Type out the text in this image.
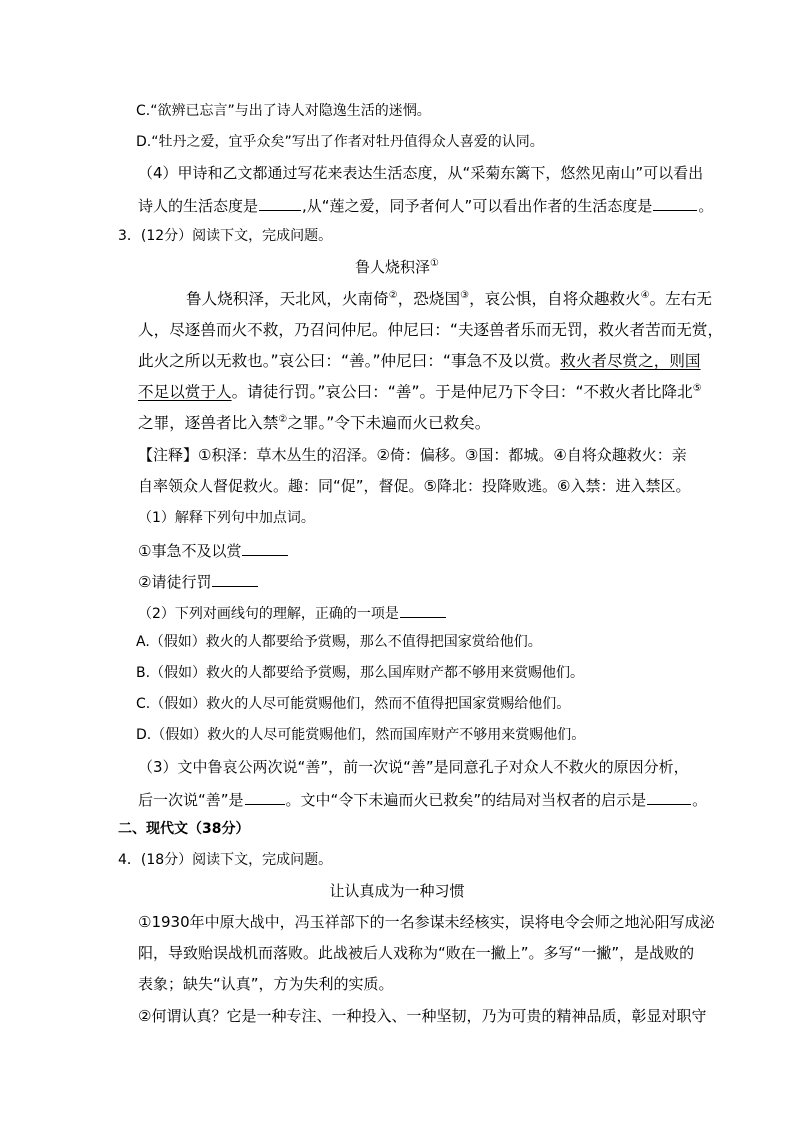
C.“欲辨已忘言”与出了诗人对隐逸生活的迷惘。
D.“牡丹之爱，宜乎众矣”写出了作者对牡丹值得众人喜爱的认同。
（4）甲诗和乙文都通过写花来表达生活态度，从“采菊东篱下，悠然见南山”可以看出
诗人的生活态度是	,从“莲之爱，同予者何人”可以看出作者的生活态度是	。
3．(12分）阅读下文，完成问题。
鲁人烧积泽①
鲁人烧积泽，天北风，火南倚②，恐烧国③，哀公惧，自将众趣救火④。左右无
人，尽逐兽而火不救，乃召问仲尼。仲尼曰：“夫逐兽者乐而无罚，救火者苦而无赏，
此火之所以无救也。”哀公曰：“善。”仲尼曰：“事急不及以赏。救火者尽赏之，则国
不足以赏于人。请徒行罚。”哀公曰：“善”。于是仲尼乃下令曰：“不救火者比降北⑤
之罪，逐兽者比入禁②之罪。”令下未遍而火已救矣。
【注释】①积泽：草木丛生的沼泽。②倚：偏移。③国：都城。④自将众趣救火：亲
自率领众人督促救火。趣：同“促”，督促。⑤降北：投降败逃。⑥入禁：进入禁区。
（1）解释下列句中加点词。
①事急不及以赏
②请徒行罚
（2）下列对画线句的理解，正确的一项是
A.（假如）救火的人都要给予赏赐，那么不值得把国家赏给他们。
B.（假如）救火的人都要给予赏赐，那么国库财产都不够用来赏赐他们。
C.（假如）救火的人尽可能赏赐他们，然而不值得把国家赏赐给他们。
D.（假如）救火的人尽可能赏赐他们，然而国库财产不够用来赏赐他们。
（3）文中鲁哀公两次说“善”，前一次说“善”是同意孔子对众人不救火的原因分析，
后一次说“善”是	。文中“令下未遍而火已救矣”的结局对当权者的启示是	。
二、现代文（38分）
4．(18分）阅读下文，完成问题。
让认真成为一种习惯
①1930年中原大战中，冯玉祥部下的一名参谋未经核实，误将电令会师之地沁阳写成泌
阳，导致贻误战机而落败。此战被后人戏称为“败在一撇上”。多写“一撇”，是战败的
表象；缺失“认真”，方为失利的实质。
②何谓认真？它是一种专注、一种投入、一种坚韧，乃为可贵的精神品质，彰显对职守
